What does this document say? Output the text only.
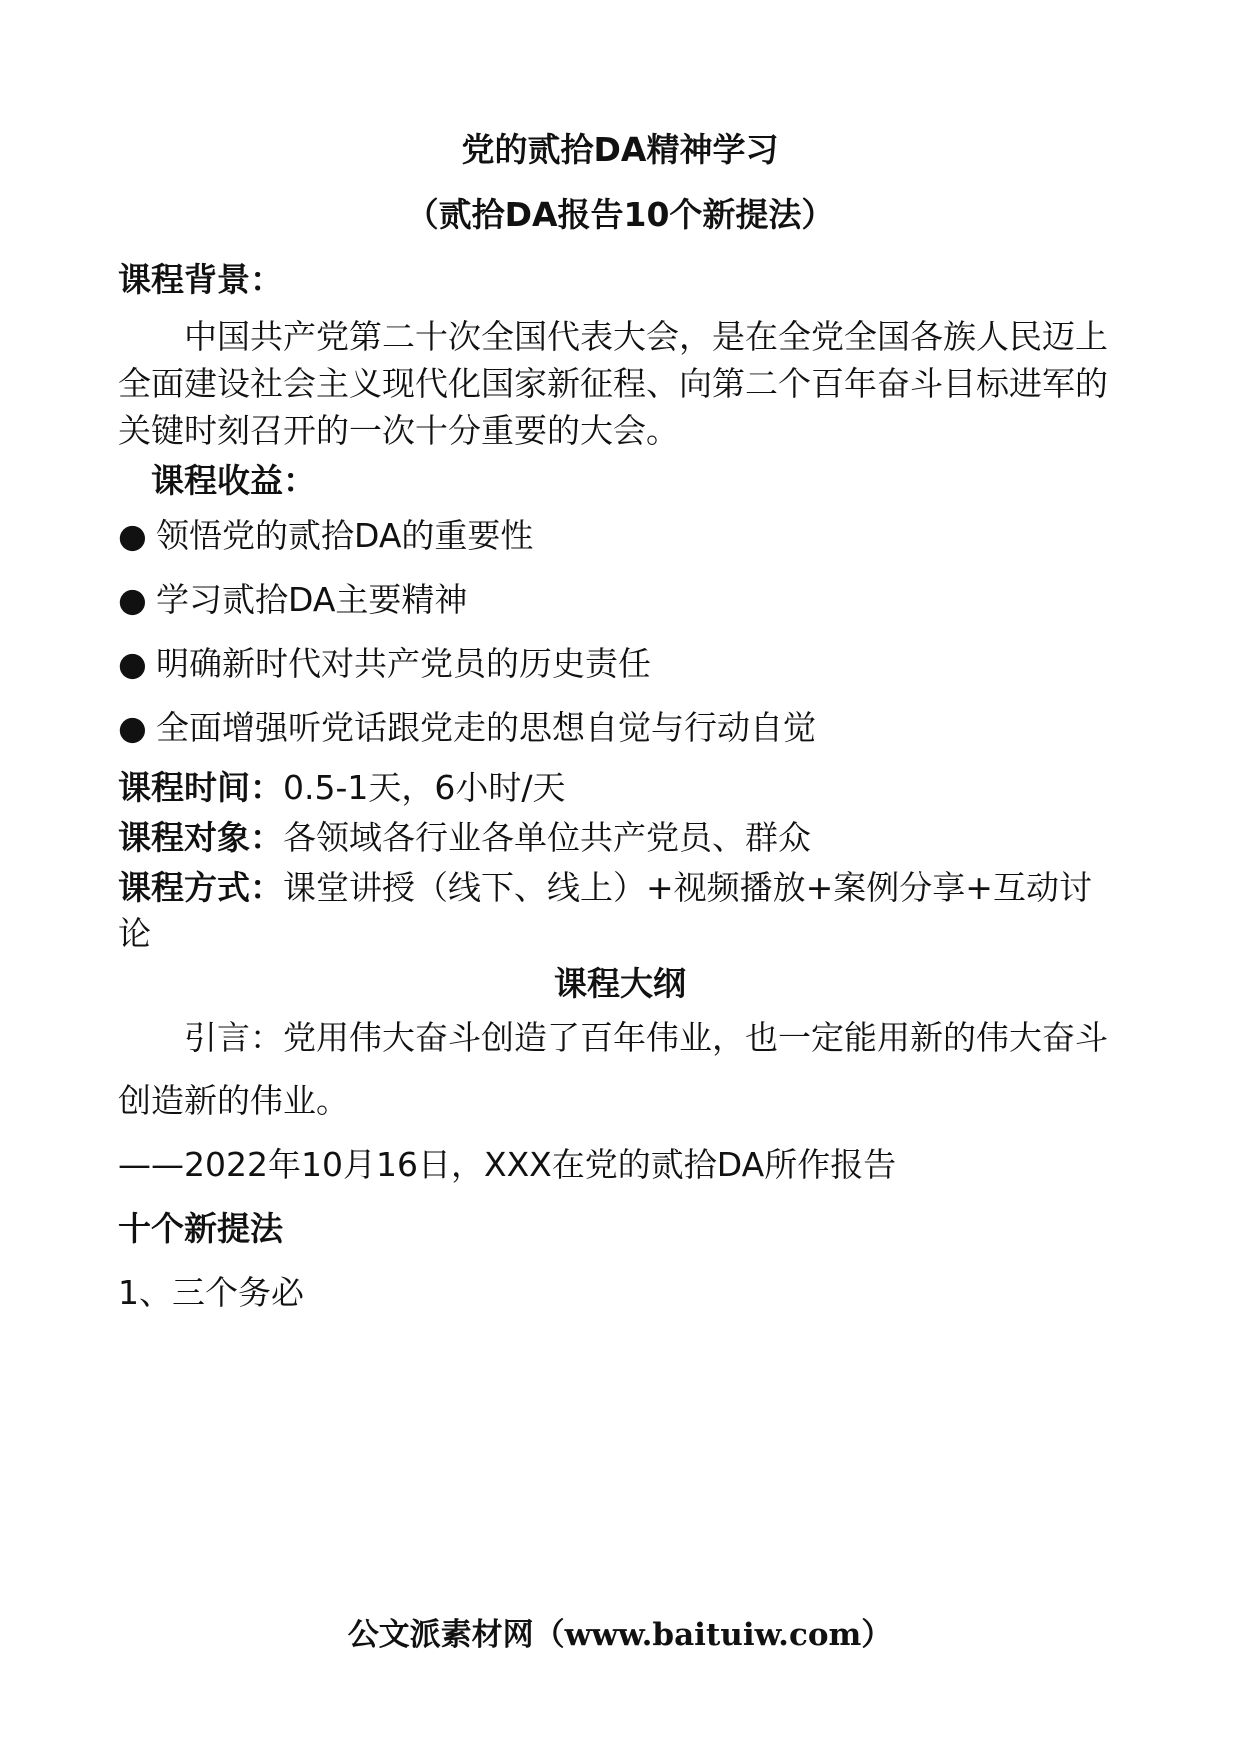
党的贰拾DA精神学习
（贰拾DA报告10个新提法）
课程背景：
中国共产党第二十次全国代表大会，是在全党全国各族人民迈上
全面建设社会主义现代化国家新征程、向第二个百年奋斗目标进军的
关键时刻召开的一次十分重要的大会。
课程收益：
● 领悟党的贰拾DA的重要性
● 学习贰拾DA主要精神
● 明确新时代对共产党员的历史责任
● 全面增强听党话跟党走的思想自觉与行动自觉
课程时间：0.5-1天，6小时/天
课程对象：各领域各行业各单位共产党员、群众
课程方式：课堂讲授（线下、线上）+视频播放+案例分享+互动讨
论
课程大纲
引言：党用伟大奋斗创造了百年伟业，也一定能用新的伟大奋斗
创造新的伟业。
——2022年10月16日，XXX在党的贰拾DA所作报告
十个新提法
1、三个务必
公文派素材网（www.baituiw.com）
